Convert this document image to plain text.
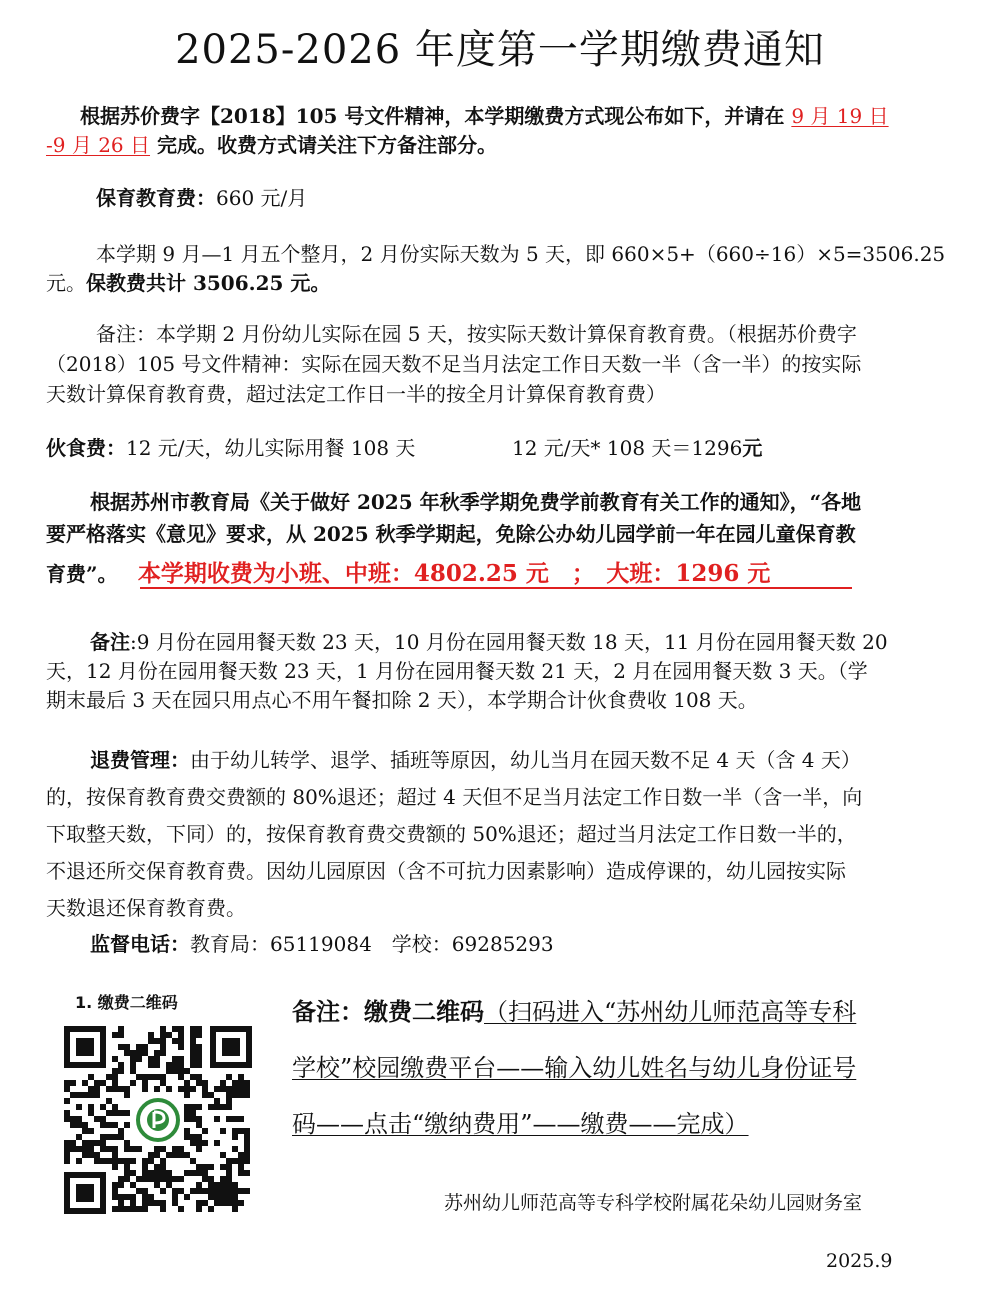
2025-2026 年度第一学期缴费通知
根据苏价费字【2018】105 号文件精神，本学期缴费方式现公布如下，并请在 9 月 19 日
-9 月 26 日 完成。收费方式请关注下方备注部分。
保育教育费：660 元/月
本学期 9 月—1 月五个整月，2 月份实际天数为 5 天，即 660×5+（660÷16）×5=3506.25
元。保教费共计 3506.25 元。
备注：本学期 2 月份幼儿实际在园 5 天，按实际天数计算保育教育费。（根据苏价费字
（2018）105 号文件精神：实际在园天数不足当月法定工作日天数一半（含一半）的按实际
天数计算保育教育费，超过法定工作日一半的按全月计算保育教育费）
伙食费：12 元/天，幼儿实际用餐 108 天	12 元/天* 108 天＝1296元
根据苏州市教育局《关于做好 2025 年秋季学期免费学前教育有关工作的通知》，“各地
要严格落实《意见》要求，从 2025 秋季学期起，免除公办幼儿园学前一年在园儿童保育教
育费”。 本学期收费为小班、中班：4802.25 元　；　大班：1296 元
备注:9 月份在园用餐天数 23 天，10 月份在园用餐天数 18 天，11 月份在园用餐天数 20
天，12 月份在园用餐天数 23 天，1 月份在园用餐天数 21 天，2 月在园用餐天数 3 天。（学
期末最后 3 天在园只用点心不用午餐扣除 2 天），本学期合计伙食费收 108 天。
退费管理：由于幼儿转学、退学、插班等原因，幼儿当月在园天数不足 4 天（含 4 天）
的，按保育教育费交费额的 80%退还；超过 4 天但不足当月法定工作日数一半（含一半，向
下取整天数，下同）的，按保育教育费交费额的 50%退还；超过当月法定工作日数一半的，
不退还所交保育教育费。因幼儿园原因（含不可抗力因素影响）造成停课的，幼儿园按实际
天数退还保育教育费。
监督电话：教育局：65119084　学校：69285293
1. 缴费二维码	备注：缴费二维码（扫码进入“苏州幼儿师范高等专科
学校”校园缴费平台——输入幼儿姓名与幼儿身份证号
码——点击“缴纳费用”——缴费——完成）
苏州幼儿师范高等专科学校附属花朵幼儿园财务室
2025.9
